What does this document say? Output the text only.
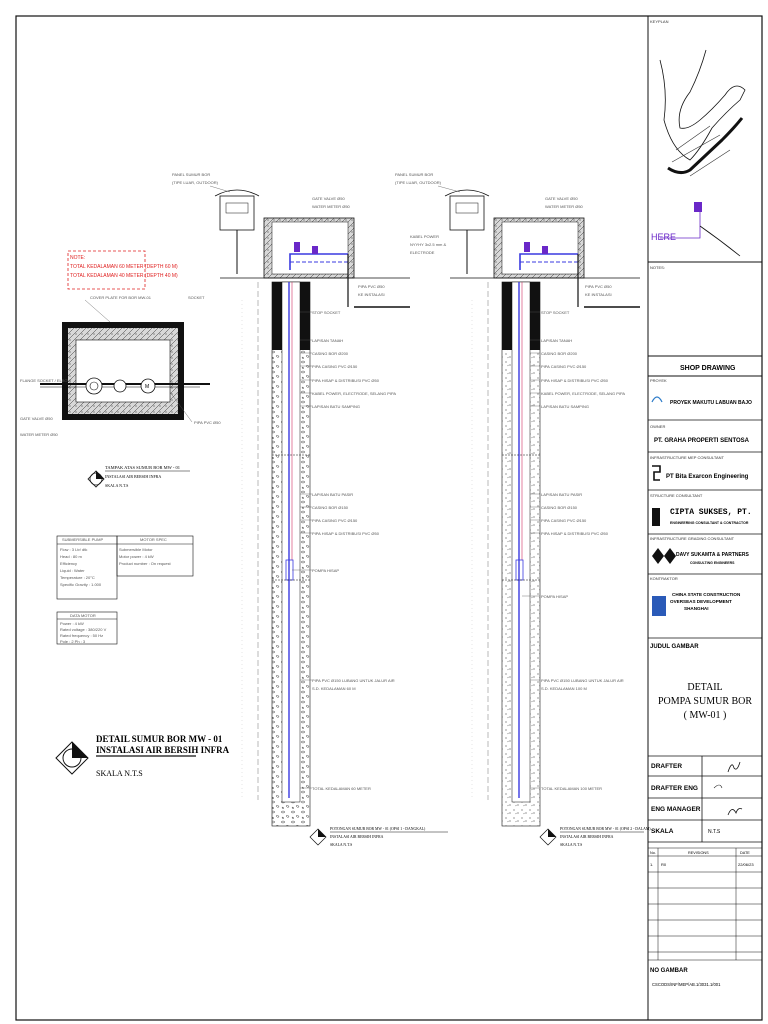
NOTE:
TOTAL KEDALAMAN 60 METER (DEPTH 60 M)
TOTAL KEDALAMAN 40 METER (DEPTH 40 M)
COVER PLATE FOR BOR MW-01	SOCKET
M
FLANGE SOCKET / ELBOW
GATE VALVE Ø50
WATER METER Ø50
PIPA PVC Ø50
TAMPAK ATAS SUMUR BOR MW - 01
INSTALASI AIR BERSIH INFRA
SKALA N.T.S
SUBMERSIBLE PUMP
Flow : 3 Ltr/ dtk
Head : 80 m
Efficiency
Liquid : Water
Temperature : 20°C
Specific Gravity : 1.000
MOTOR SPEC
Submersible Motor
Motor power : 4 kW
Product number : On request
DATA MOTOR
Power : 4 kW
Rated voltage : 380/220 V
Rated frequency : 50 Hz
Pole : 2 Ph : 3
DETAIL SUMUR BOR MW - 01
INSTALASI AIR BERSIH INFRA
SKALA N.T.S
PANEL SUMUR BOR
(TIPE LUAR, OUTDOOR)
GATE VALVE Ø50
WATER METER Ø50
PIPA PVC Ø50
KE INSTALASI
STOP SOCKET
LAPISAN TANAH
CASING BOR Ø200
PIPA CASING PVC Ø150
PIPA HISAP & DISTRIBUSI PVC Ø50
KABEL POWER, ELECTRODE, SELANG PIPA
LAPISAN BATU SAMPING
LAPISAN BATU PASIR
CASING BOR Ø150
PIPA CASING PVC Ø150
PIPA HISAP & DISTRIBUSI PVC Ø50
POMPA HISAP
PIPA PVC Ø150 LUBANG UNTUK JALUR AIR
S.D. KEDALAMAN 60 M
TOTAL KEDALAMAN 60 METER
POTONGAN SUMUR BOR MW - 01 (OPSI 1 - DANGKAL)
INSTALASI AIR BERSIH INFRA
SKALA N.T.S
PANEL SUMUR BOR
(TIPE LUAR, OUTDOOR)
GATE VALVE Ø50
WATER METER Ø50
KABEL POWER
NYYHY 3x2.5 mm &
ELECTRODE
PIPA PVC Ø50
KE INSTALASI
STOP SOCKET
LAPISAN TANAH
CASING BOR Ø200
PIPA CASING PVC Ø150
PIPA HISAP & DISTRIBUSI PVC Ø50
KABEL POWER, ELECTRODE, SELANG PIPA
LAPISAN BATU SAMPING
LAPISAN BATU PASIR
CASING BOR Ø150
PIPA CASING PVC Ø150
PIPA HISAP & DISTRIBUSI PVC Ø50
POMPA HISAP
PIPA PVC Ø150 LUBANG UNTUK JALUR AIR
S.D. KEDALAMAN 100 M
TOTAL KEDALAMAN 100 METER
POTONGAN SUMUR BOR MW - 01 (OPSI 2 - DALAM)
INSTALASI AIR BERSIH INFRA
SKALA N.T.S
KEYPLAN
HERE
NOTES:
SHOP DRAWING
PROYEK
PROYEK MAKUTU LABUAN BAJO
OWNER
PT. GRAHA PROPERTI SENTOSA
INFRASTRUCTURE MEP CONSULTANT
PT Bita Exarcon Engineering
STRUCTURE CONSULTANT
CIPTA SUKSES, PT.
ENGINEERING CONSULTANT & CONTRACTOR
INFRASTRUCTURE GRADING CONSULTANT
DAVY SUKAMTA & PARTNERS
CONSULTING ENGINEERS
KONTRAKTOR
CHINA STATE CONSTRUCTION OVERSEAS DEVELOPMENT SHANGHAI
JUDUL GAMBAR
DETAIL
POMPA SUMUR BOR
( MW-01 )
DRAFTER
DRAFTER ENG
ENG MANAGER
SKALA	N.T.S
No.	REVISIONS	DATE
1. R0	22/06/23
NO GAMBAR
CSCODS/INF/MEP/AB.1/3031.1/001
